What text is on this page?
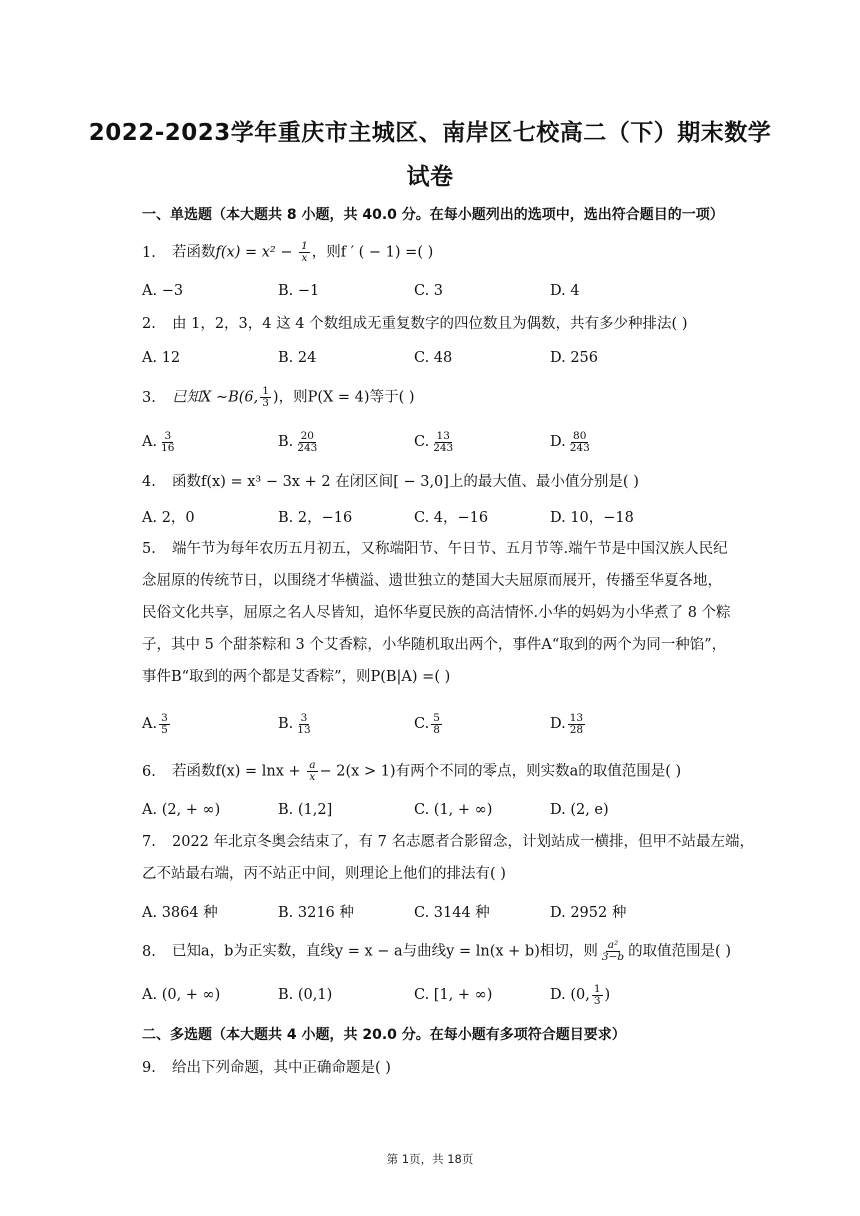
2022-2023学年重庆市主城区、南岸区七校高二（下）期末数学
试卷
一、单选题（本大题共 8 小题，共 40.0 分。在每小题列出的选项中，选出符合题目的一项）
1. 若函数$f(x) = x^2 - \frac{1}{x}$ ，则f ′ ( − 1) =( )
A. −3	B. −1	C. 3	D. 4
2. 由 1，2，3，4 这 4 个数组成无重复数字的四位数且为偶数，共有多少种排法( )
A. 12	B. 24	C. 48	D. 256
3. 已知X ∼B(6, $\frac{1}{3}$ )，则P(X = 4)等于( )
A. $\frac{3}{16}$	B. $\frac{20}{243}$	C. $\frac{13}{243}$	D. $\frac{80}{243}$
4. 函数f(x) = x³ − 3x + 2 在闭区间[ − 3,0]上的最大值、最小值分别是( )
A. 2，0	B. 2，−16	C. 4，−16	D. 10，−18
5. 端午节为每年农历五月初五，又称端阳节、午日节、五月节等.端午节是中国汉族人民纪
念屈原的传统节日，以围绕才华横溢、遗世独立的楚国大夫屈原而展开，传播至华夏各地，
民俗文化共享，屈原之名人尽皆知，追怀华夏民族的高洁情怀.小华的妈妈为小华煮了 8 个粽
子，其中 5 个甜茶粽和 3 个艾香粽，小华随机取出两个，事件A“取到的两个为同一种馅”，
事件B“取到的两个都是艾香粽”，则P(B|A) =( )
A. $\frac{3}{5}$	B. $\frac{3}{13}$	C. $\frac{5}{8}$	D. $\frac{13}{28}$
6. 若函数$f(x) = \ln x + \frac{a}{x} - 2(x > 1)$有两个不同的零点，则实数a的取值范围是( )
A. (2, + ∞)	B. (1,2]	C. (1, + ∞)	D. (2, e)
7. 2022 年北京冬奥会结束了，有 7 名志愿者合影留念，计划站成一横排，但甲不站最左端，
乙不站最右端，丙不站正中间，则理论上他们的排法有( )
A. 3864 种	B. 3216 种	C. 3144 种	D. 2952 种
8. 已知a，b为正实数，直线y = x − a与曲线y = ln(x + b)相切，则 $\frac{\text{a²}}{3-b}$ 的取值范围是( )
A. (0, + ∞)	B. (0,1)	C. [1, + ∞)	D. (0, $\frac{1}{3}$ )
二、多选题（本大题共 4 小题，共 20.0 分。在每小题有多项符合题目要求）
9. 给出下列命题，其中正确命题是( )
第 1页，共 18页
